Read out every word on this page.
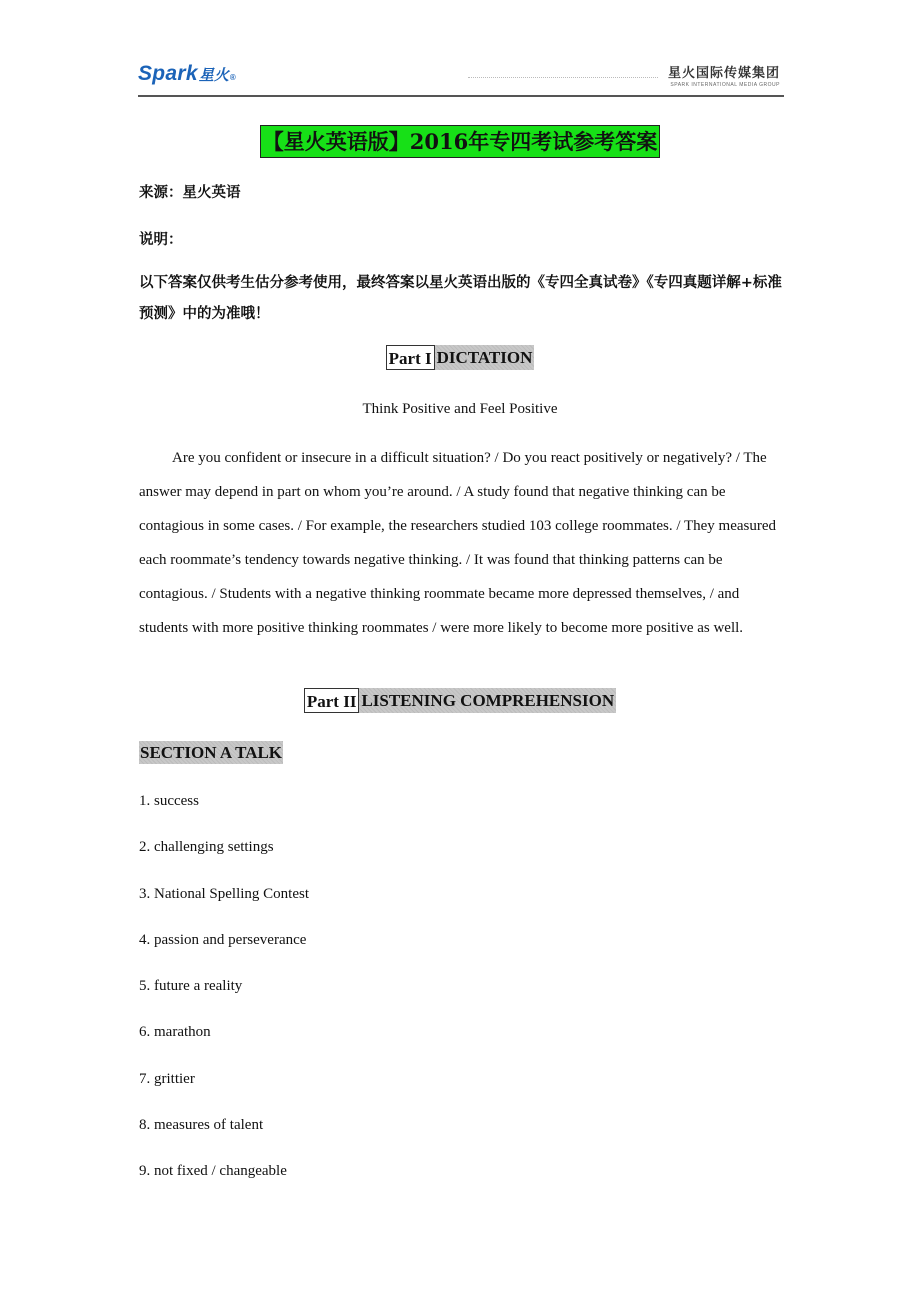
Spark 星火 ®	星火国际传媒集团
SPARK INTERNATIONAL MEDIA GROUP
【星火英语版】2016年专四考试参考答案
来源：星火英语
说明：
以下答案仅供考生估分参考使用，最终答案以星火英语出版的《专四全真试卷》《专四真题详解+标准预测》中的为准哦！
Part I DICTATION
Think Positive and Feel Positive
Are you confident or insecure in a difficult situation? / Do you react positively or negatively? / The answer may depend in part on whom you’re around. / A study found that negative thinking can be contagious in some cases. / For example, the researchers studied 103 college roommates. / They measured each roommate’s tendency towards negative thinking. / It was found that thinking patterns can be contagious. / Students with a negative thinking roommate became more depressed themselves, / and students with more positive thinking roommates / were more likely to become more positive as well.
Part II LISTENING COMPREHENSION
SECTION A TALK
1. success
2. challenging settings
3. National Spelling Contest
4. passion and perseverance
5. future a reality
6. marathon
7. grittier
8. measures of talent
9. not fixed / changeable
